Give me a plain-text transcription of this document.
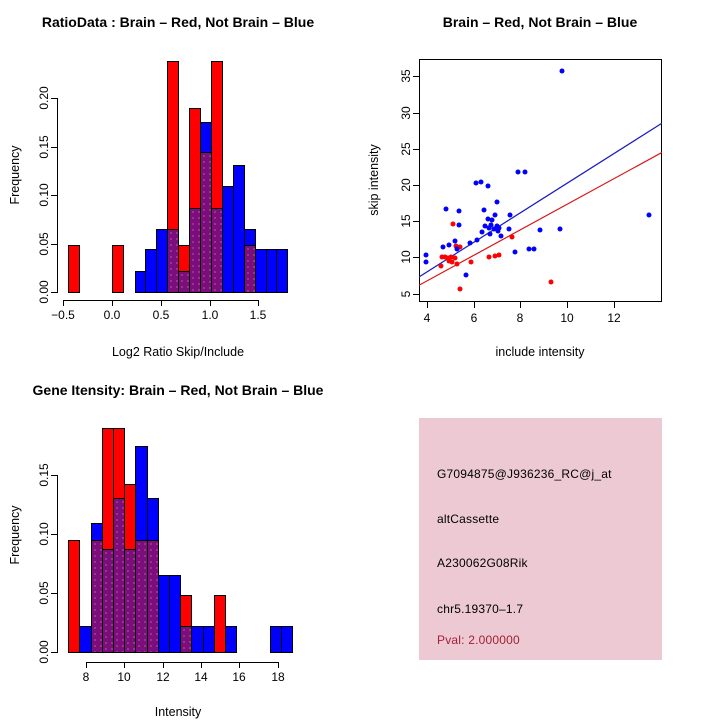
RatioData : Brain – Red, Not Brain – Blue	Brain – Red, Not Brain – Blue
Gene Itensity: Brain – Red, Not Brain – Blue
Log2 Ratio Skip/Include
Frequency
include intensity
skip intensity
Intensity
Frequency
−0.5 0.0	0.5	1.0	1.5
0.00
0.05
0.10
0.15
0.20
4	6	8	10	12
5
10
15
20
25
30
35
8 10 12 14 16 18
0.00
0.05
0.10
0.15	G7094875@J936236_RC@j_at
altCassette
A230062G08Rik
chr5.19370–1.7
Pval: 2.000000
